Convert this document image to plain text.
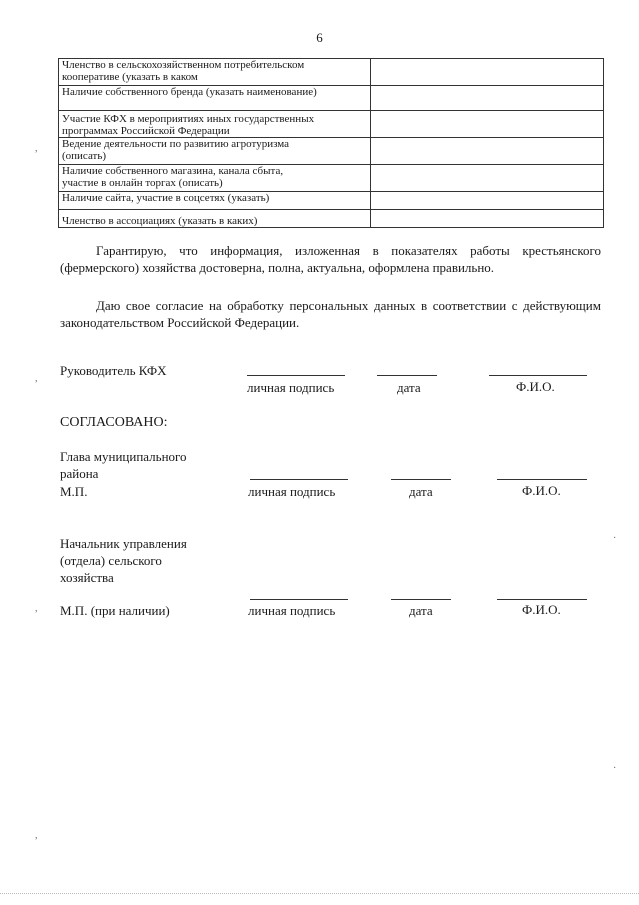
6
Членство в сельскохозяйственном потребительском
кооперативе (указать в каком	

Наличие собственного бренда (указать наименование)	

Участие КФХ в мероприятиях иных государственных
программах Российской Федерации	

Ведение деятельности по развитию агротуризма
(описать)	

Наличие собственного магазина, канала сбыта,
участие в онлайн торгах (описать)	

Наличие сайта, участие в соцсетях (указать)	

Членство в ассоциациях (указать в каких)	

Гарантирую, что информация, изложенная в показателях работы крестьянского (фермерского) хозяйства достоверна, полна, актуальна, оформлена правильно.
Даю свое согласие на обработку персональных данных в соответствии с действующим законодательством Российской Федерации.
Руководитель КФХ
личная подпись	дата	Ф.И.О.
СОГЛАСОВАНО:
Глава муниципального
района
М.П.	личная подпись	дата	Ф.И.О.
Начальник управления
(отдела) сельского
хозяйства
М.П. (при наличии)	личная подпись	дата	Ф.И.О.
,
,
,
,
·
·
